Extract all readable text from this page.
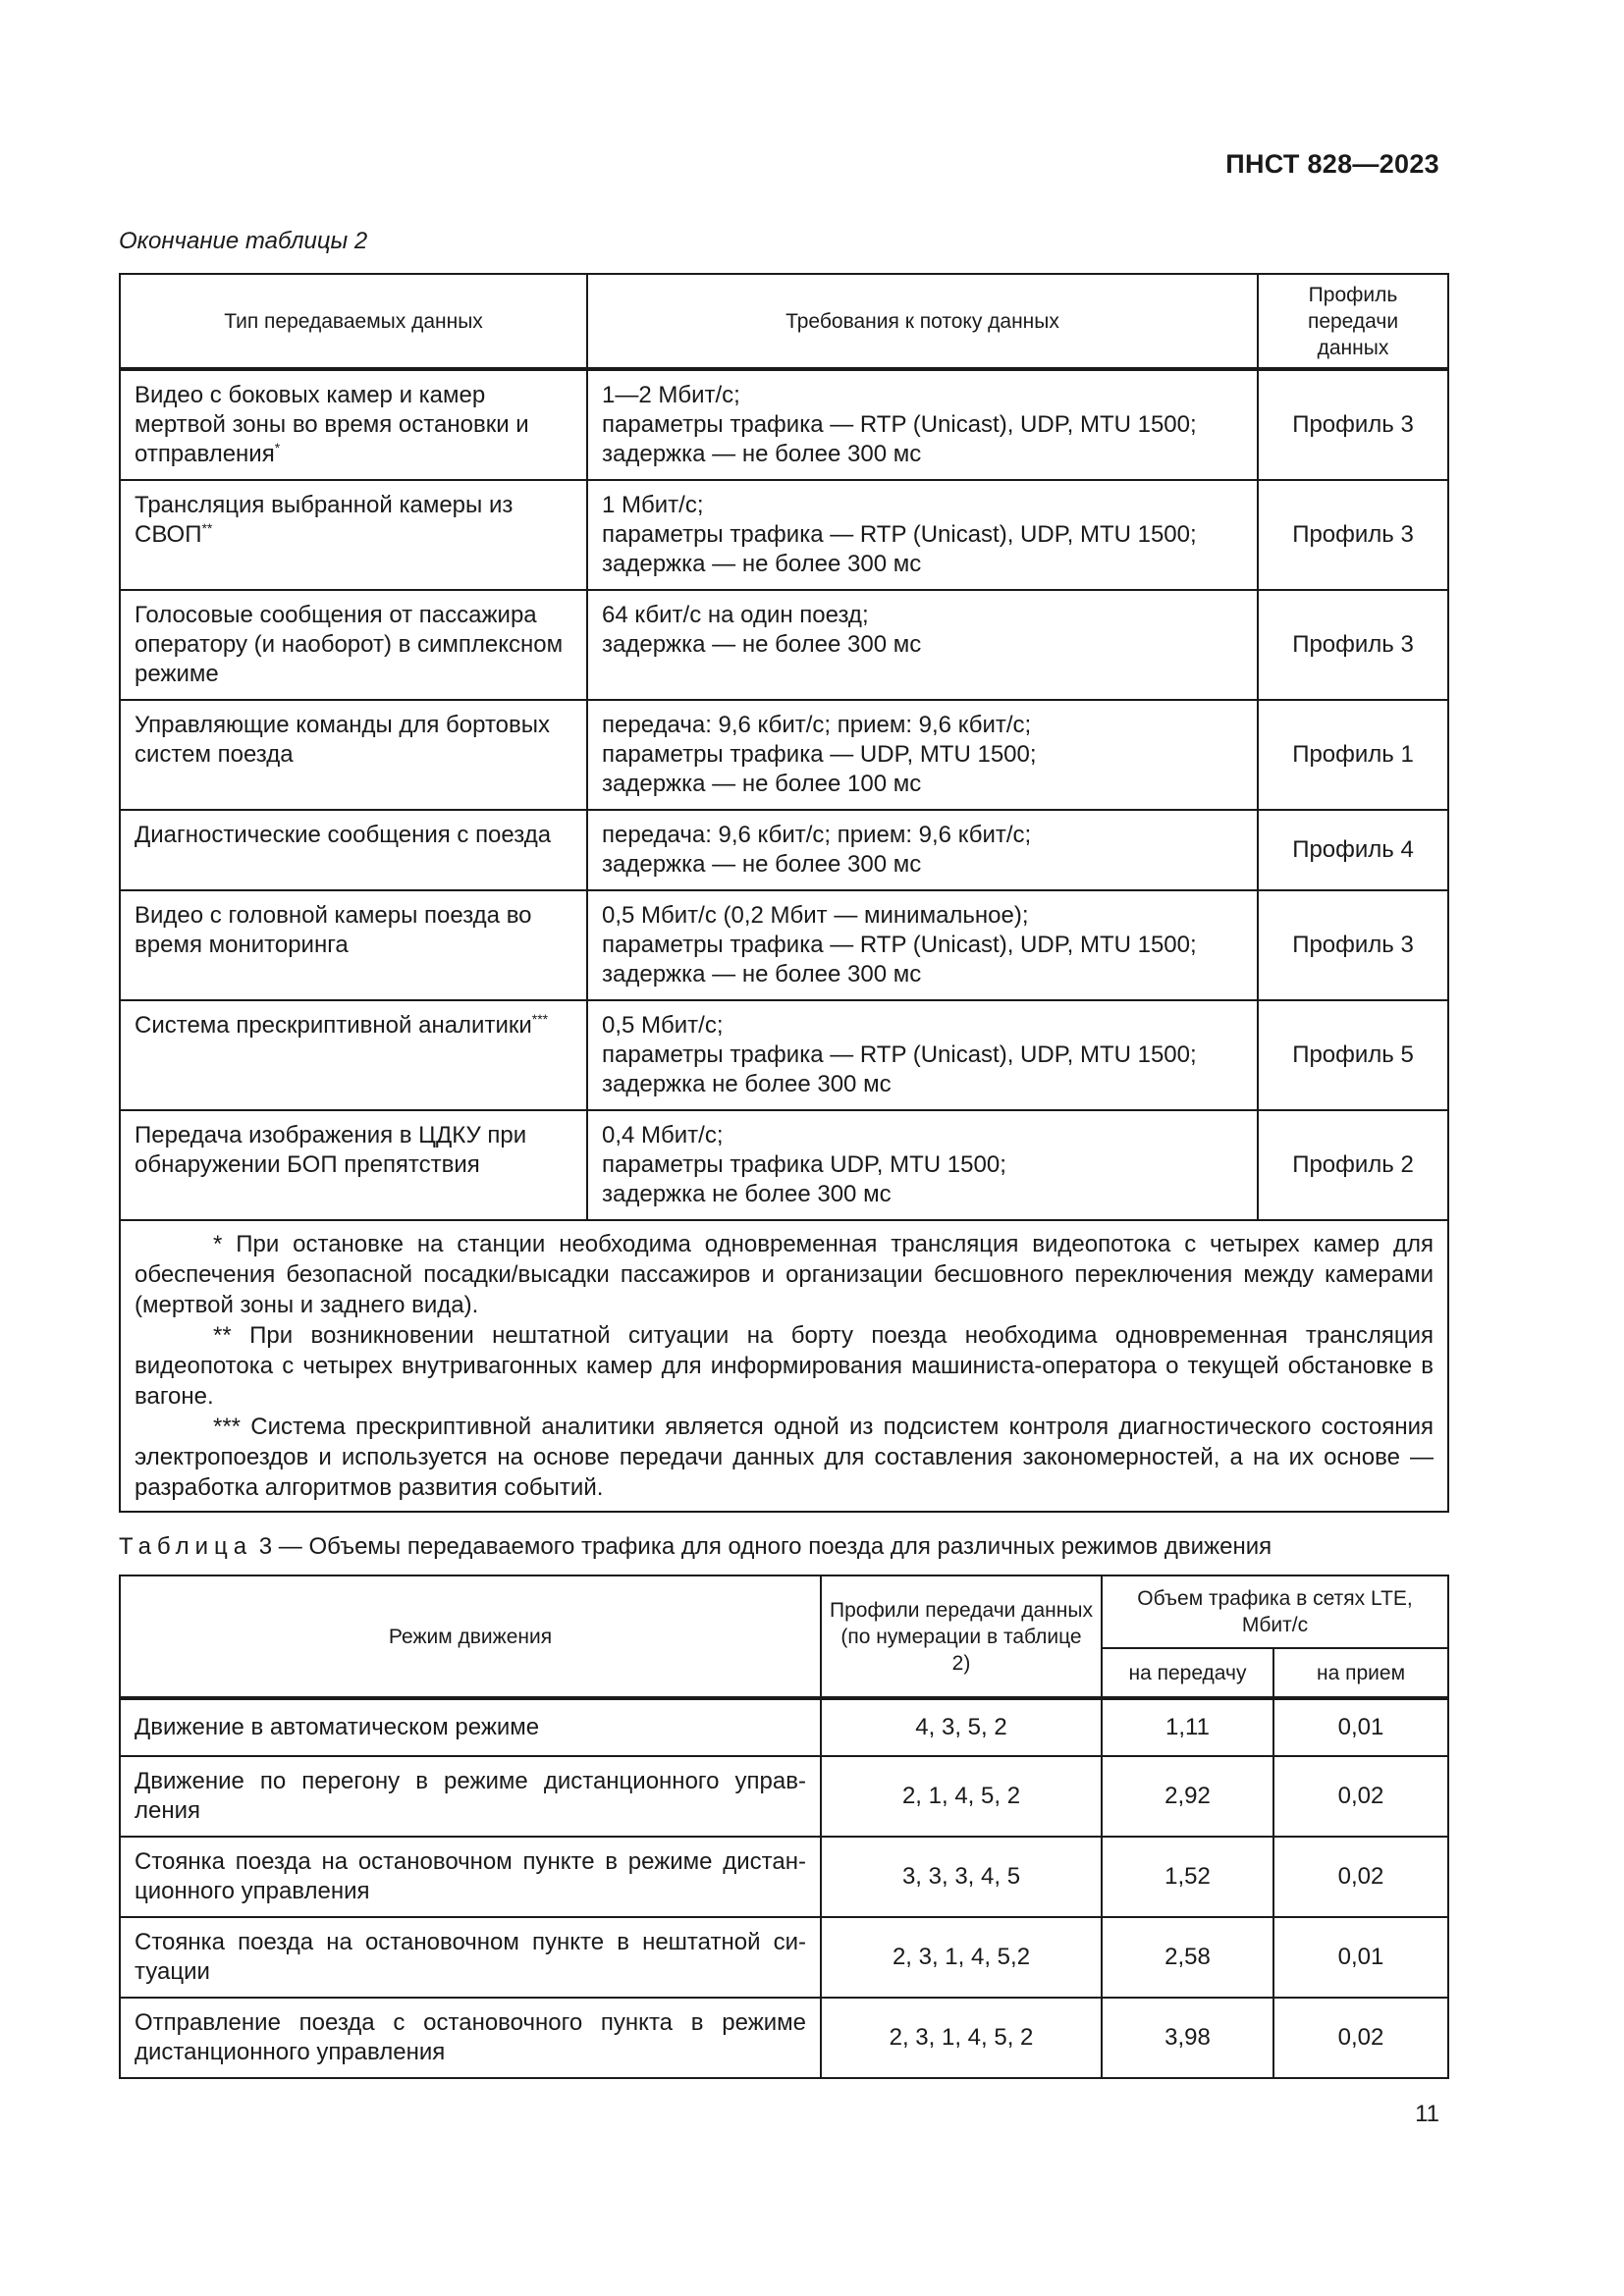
ПНСТ 828—2023
Окончание таблицы 2
Тип передаваемых данных	Требования к потоку данных	Профиль
передачи
данных
Видео с боковых камер и камер мертвой зоны во время остановки и отправления*	1—2 Мбит/с;
параметры трафика — RTP (Unicast), UDP, MTU 1500;
задержка — не более 300 мс	Профиль 3
Трансляция выбранной камеры из СВОП**	1 Мбит/с;
параметры трафика — RTP (Unicast), UDP, MTU 1500;
задержка — не более 300 мс	Профиль 3
Голосовые сообщения от пассажира оператору (и наоборот) в симплексном режиме	64 кбит/с на один поезд;
задержка — не более 300 мс	Профиль 3
Управляющие команды для бортовых систем поезда	передача: 9,6 кбит/с; прием: 9,6 кбит/с;
параметры трафика — UDP, MTU 1500;
задержка — не более 100 мс	Профиль 1
Диагностические сообщения с поезда	передача: 9,6 кбит/с; прием: 9,6 кбит/с;
задержка — не более 300 мс	Профиль 4
Видео с головной камеры поезда во время мониторинга	0,5 Мбит/с (0,2 Мбит — минимальное);
параметры трафика — RTP (Unicast), UDP, MTU 1500;
задержка — не более 300 мс	Профиль 3
Система прескриптивной аналитики***	0,5 Мбит/с;
параметры трафика — RTP (Unicast), UDP, MTU 1500;
задержка не более 300 мс	Профиль 5
Передача изображения в ЦДКУ при обнаружении БОП препятствия	0,4 Мбит/с;
параметры трафика UDP, MTU 1500;
задержка не более 300 мс	Профиль 2

* При остановке на станции необходима одновременная трансляция видеопотока с четырех камер для обеспечения безопасной посадки/высадки пассажиров и организации бесшовного переключения между камерами (мертвой зоны и заднего вида).

** При возникновении нештатной ситуации на борту поезда необходима одновременная трансляция видеопотока с четырех внутривагонных камер для информирования машиниста-оператора о текущей обстановке в вагоне.

*** Система прескриптивной аналитики является одной из подсистем контроля диагностического состояния электропоездов и используется на основе передачи данных для составления закономерностей, а на их основе — разработка алгоритмов развития событий.		

Таблица 3 — Объемы передаваемого трафика для одного поезда для различных режимов движения
Режим движения	Профили передачи данных (по нумерации в таблице 2)	Объем трафика в сетях LTE, Мбит/с	
		на передачу	на прием
Движение в автоматическом режиме	4, 3, 5, 2	1,11	0,01
Движение по перегону в режиме дистанционного управления	2, 1, 4, 5, 2	2,92	0,02
Стоянка поезда на остановочном пункте в режиме дистанционного управления	3, 3, 3, 4, 5	1,52	0,02
Стоянка поезда на остановочном пункте в нештатной ситуации	2, 3, 1, 4, 5,2	2,58	0,01
Отправление поезда с остановочного пункта в режиме дистанционного управления	2, 3, 1, 4, 5, 2	3,98	0,02
11
